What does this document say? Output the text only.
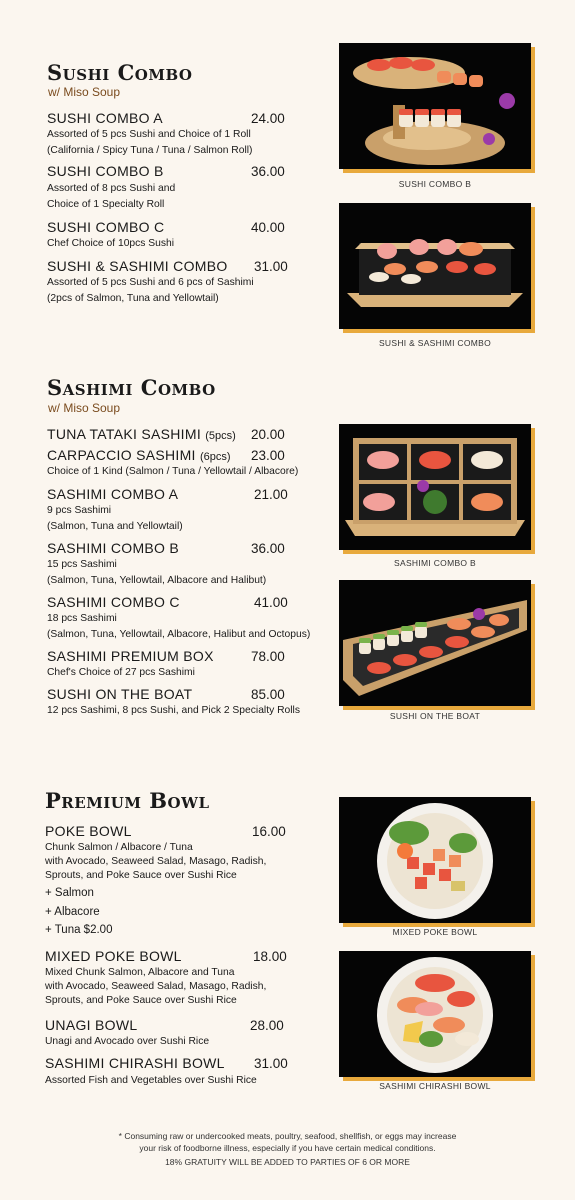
Sushi Combo
w/ Miso Soup
SUSHI COMBO A	24.00
Assorted of 5 pcs Sushi and Choice of 1 Roll
(California / Spicy Tuna / Tuna / Salmon Roll)
SUSHI COMBO B	36.00
Assorted of 8 pcs Sushi and
Choice of 1 Specialty Roll
SUSHI COMBO C	40.00
Chef Choice of 10pcs Sushi
SUSHI & SASHIMI COMBO 31.00
Assorted of 5 pcs Sushi and 6 pcs of Sashimi
(2pcs of Salmon, Tuna and Yellowtail)
SUSHI COMBO B
SUSHI & SASHIMI COMBO
Sashimi Combo
w/ Miso Soup
TUNA TATAKI SASHIMI (5pcs) 20.00
CARPACCIO SASHIMI (6pcs) 23.00
Choice of 1 Kind (Salmon / Tuna / Yellowtail / Albacore)
SASHIMI COMBO A	21.00
9 pcs Sashimi
(Salmon, Tuna and Yellowtail)
SASHIMI COMBO B	36.00
15 pcs Sashimi
(Salmon, Tuna, Yellowtail, Albacore and Halibut)
SASHIMI COMBO C	41.00
18 pcs Sashimi
(Salmon, Tuna, Yellowtail, Albacore, Halibut and Octopus)
SASHIMI PREMIUM BOX	78.00
Chef's Choice of 27 pcs Sashimi
SUSHI ON THE BOAT	85.00
12 pcs Sashimi, 8 pcs Sushi, and Pick 2 Specialty Rolls
SASHIMI COMBO B
SUSHI ON THE BOAT
Premium Bowl
POKE BOWL	16.00
Chunk Salmon / Albacore / Tuna
with Avocado, Seaweed Salad, Masago, Radish,
Sprouts, and Poke Sauce over Sushi Rice
+ Salmon
+ Albacore
+ Tuna $2.00
MIXED POKE BOWL	18.00
Mixed Chunk Salmon, Albacore and Tuna
with Avocado, Seaweed Salad, Masago, Radish,
Sprouts, and Poke Sauce over Sushi Rice
UNAGI BOWL	28.00
Unagi and Avocado over Sushi Rice
SASHIMI CHIRASHI BOWL 31.00
Assorted Fish and Vegetables over Sushi Rice
MIXED POKE BOWL
SASHIMI CHIRASHI BOWL
* Consuming raw or undercooked meats, poultry, seafood, shellfish, or eggs may increase
your risk of foodborne illness, especially if you have certain medical conditions.
18% GRATUITY WILL BE ADDED TO PARTIES OF 6 OR MORE
